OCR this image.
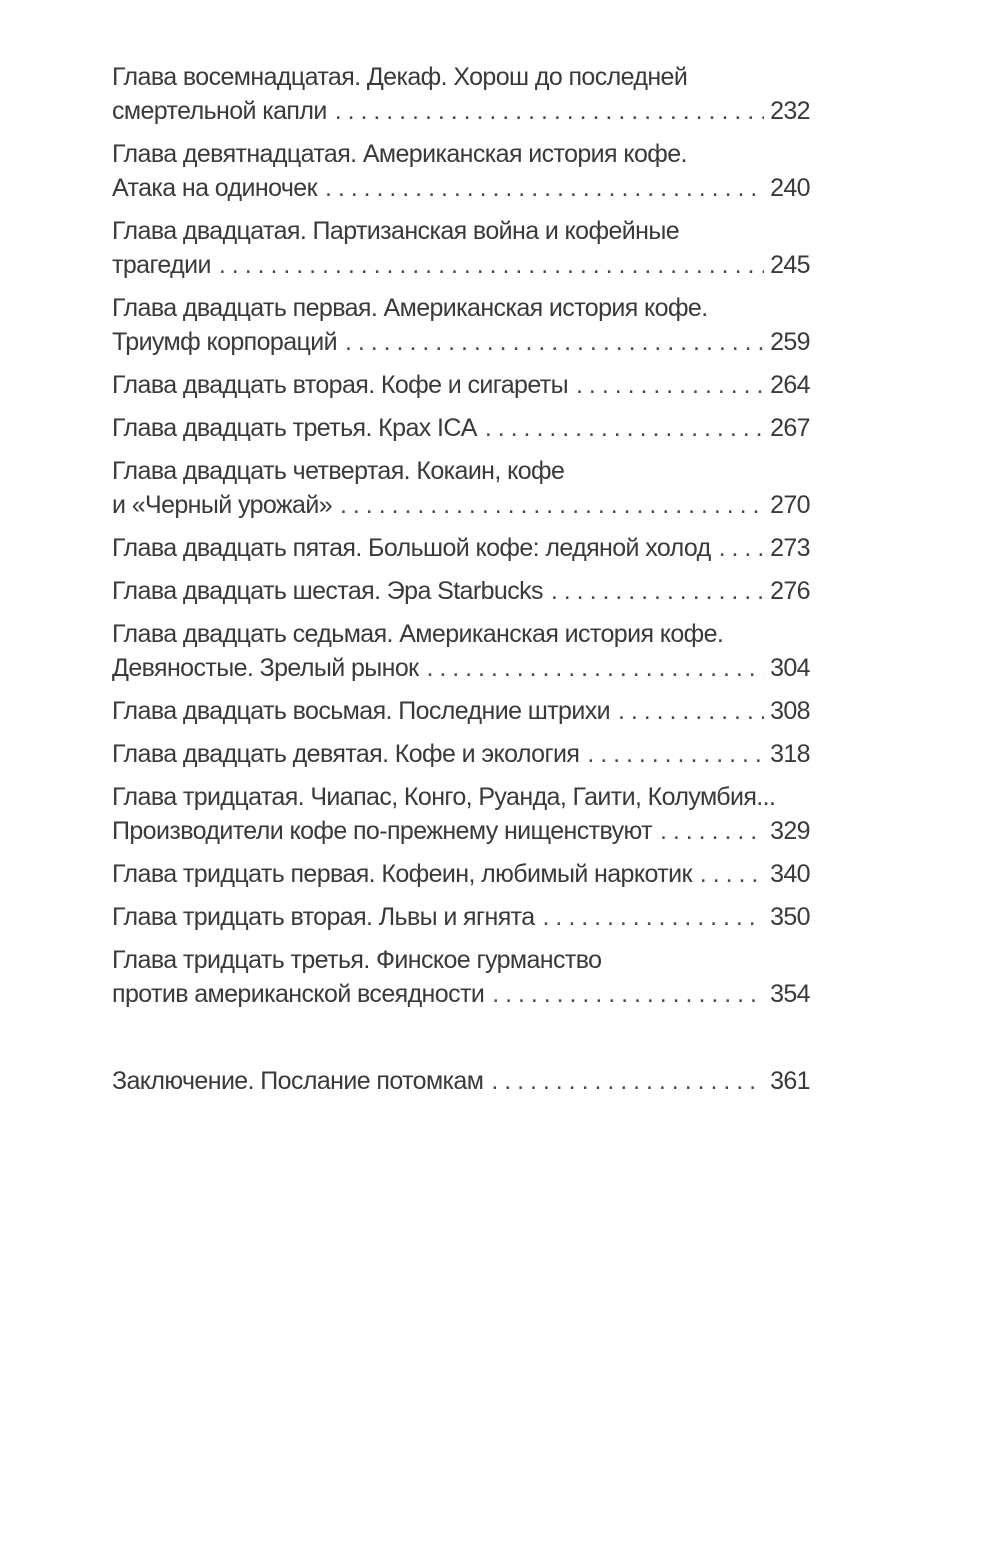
Глава восемнадцатая. Декаф. Хорош до последней
смертельной капли . . .	232
Глава девятнадцатая. Американская история кофе.
Атака на одиночек . . .	240
Глава двадцатая. Партизанская война и кофейные
трагедии . . .	245
Глава двадцать первая. Американская история кофе.
Триумф корпораций . . .	259
Глава двадцать вторая. Кофе и сигареты . . .	264
Глава двадцать третья. Крах ICA . . .	267
Глава двадцать четвертая. Кокаин, кофе
и «Черный урожай» . . .	270
Глава двадцать пятая. Большой кофе: ледяной холод . . . 273
Глава двадцать шестая. Эра Starbucks . . .	276
Глава двадцать седьмая. Американская история кофе.
Девяностые. Зрелый рынок . . .	304
Глава двадцать восьмая. Последние штрихи . . .	308
Глава двадцать девятая. Кофе и экология . . .	318
Глава тридцатая. Чиапас, Конго, Руанда, Гаити, Колумбия...
Производители кофе по-прежнему нищенствуют . . .	329
Глава тридцать первая. Кофеин, любимый наркотик . . .	340
Глава тридцать вторая. Львы и ягнята . . .	350
Глава тридцать третья. Финское гурманство
против американской всеядности . . .	354
Заключение. Послание потомкам . . .	361
